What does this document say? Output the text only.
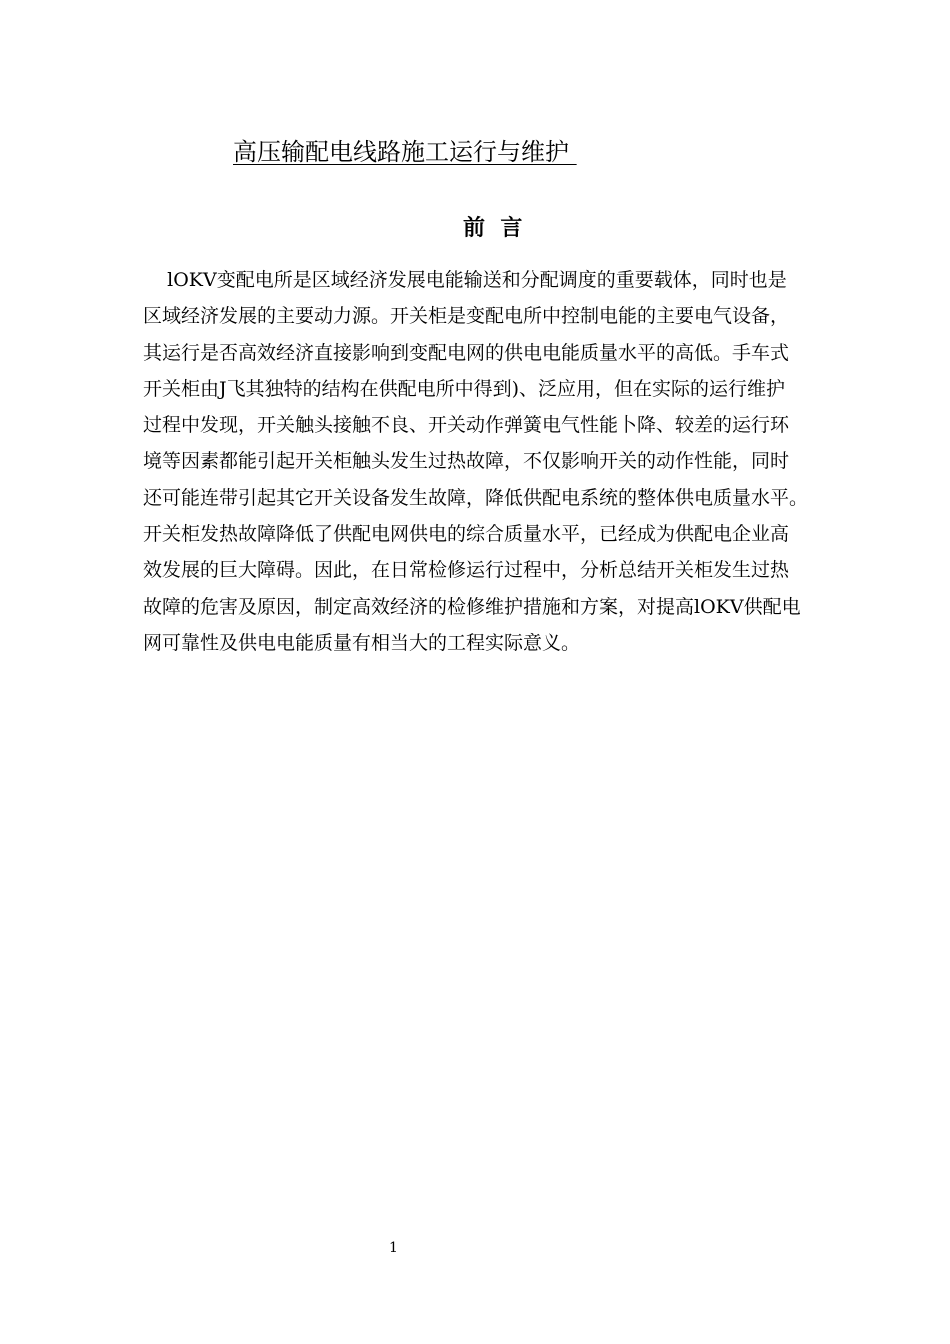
高压输配电线路施工运行与维护
前  言
lOKV变配电所是区域经济发展电能输送和分配调度的重要载体，同时也是
区域经济发展的主要动力源。开关柜是变配电所中控制电能的主要电气设备，
其运行是否高效经济直接影响到变配电网的供电电能质量水平的高低。手车式
开关柜由J飞其独特的结构在供配电所中得到)、泛应用，但在实际的运行维护
过程中发现，开关触头接触不良、开关动作弹簧电气性能卜降、较差的运行环
境等因素都能引起开关柜触头发生过热故障，不仅影响开关的动作性能，同时
还可能连带引起其它开关设备发生故障，降低供配电系统的整体供电质量水平。
开关柜发热故障降低了供配电网供电的综合质量水平，已经成为供配电企业高
效发展的巨大障碍。因此，在日常检修运行过程中，分析总结开关柜发生过热
故障的危害及原因，制定高效经济的检修维护措施和方案，对提高lOKV供配电
网可靠性及供电电能质量有相当大的工程实际意义。
1
